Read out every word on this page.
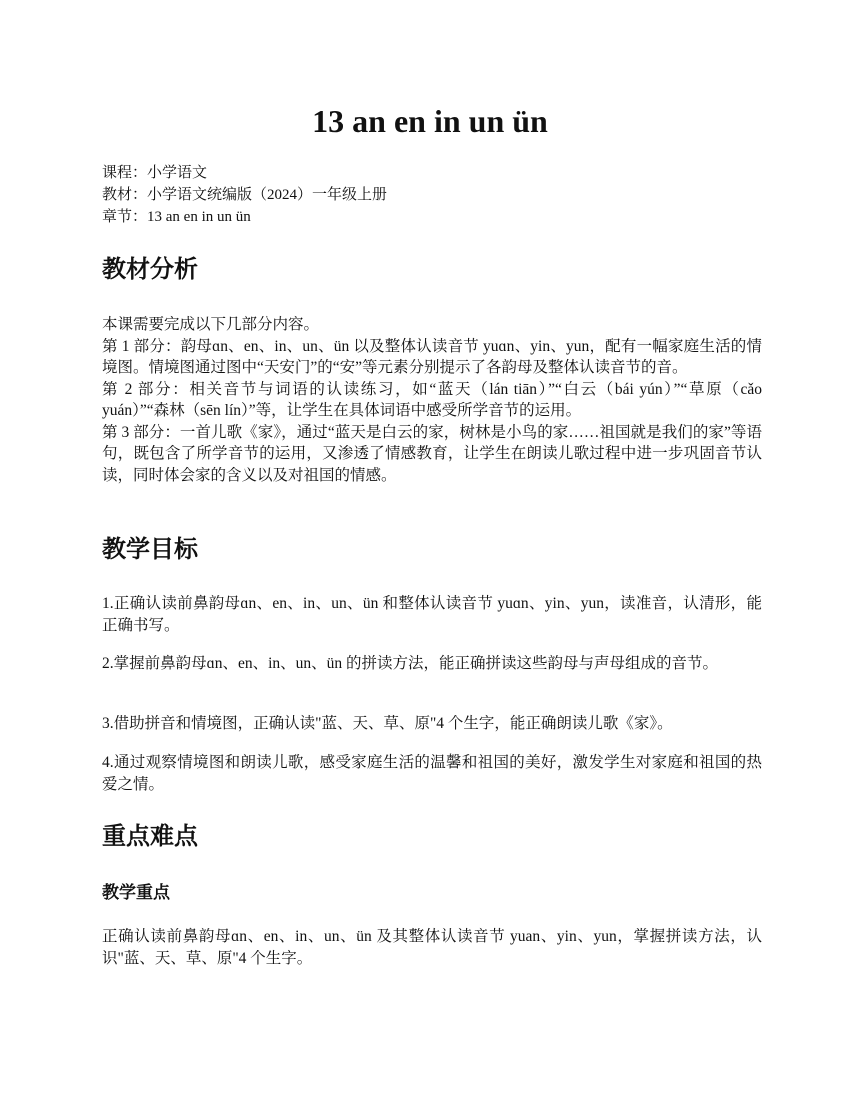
13 an en in un ün
课程：小学语文
教材：小学语文统编版（2024）一年级上册
章节：13 an en in un ün
教材分析

本课需要完成以下几部分内容。

第 1 部分：韵母ɑn、en、in、un、ün 以及整体认读音节 yuɑn、yin、yun，配有一幅家庭生活的情境图。情境图通过图中“天安门”的“安”等元素分别提示了各韵母及整体认读音节的音。

第 2 部分：相关音节与词语的认读练习，如“蓝天（lán tiān）”“白云（bái yún）”“草原（cǎo yuán）”“森林（sēn lín）”等，让学生在具体词语中感受所学音节的运用。

第 3 部分：一首儿歌《家》，通过“蓝天是白云的家，树林是小鸟的家……祖国就是我们的家”等语句，既包含了所学音节的运用，又渗透了情感教育，让学生在朗读儿歌过程中进一步巩固音节认读，同时体会家的含义以及对祖国的情感。

教学目标
1.正确认读前鼻韵母ɑn、en、in、un、ün 和整体认读音节 yuɑn、yin、yun，读准音，认清形，能正确书写。
2.掌握前鼻韵母ɑn、en、in、un、ün 的拼读方法，能正确拼读这些韵母与声母组成的音节。
3.借助拼音和情境图，正确认读"蓝、天、草、原"4 个生字，能正确朗读儿歌《家》。
4.通过观察情境图和朗读儿歌，感受家庭生活的温馨和祖国的美好，激发学生对家庭和祖国的热爱之情。
重点难点
教学重点
正确认读前鼻韵母ɑn、en、in、un、ün 及其整体认读音节 yuan、yin、yun，掌握拼读方法，认识"蓝、天、草、原"4 个生字。
